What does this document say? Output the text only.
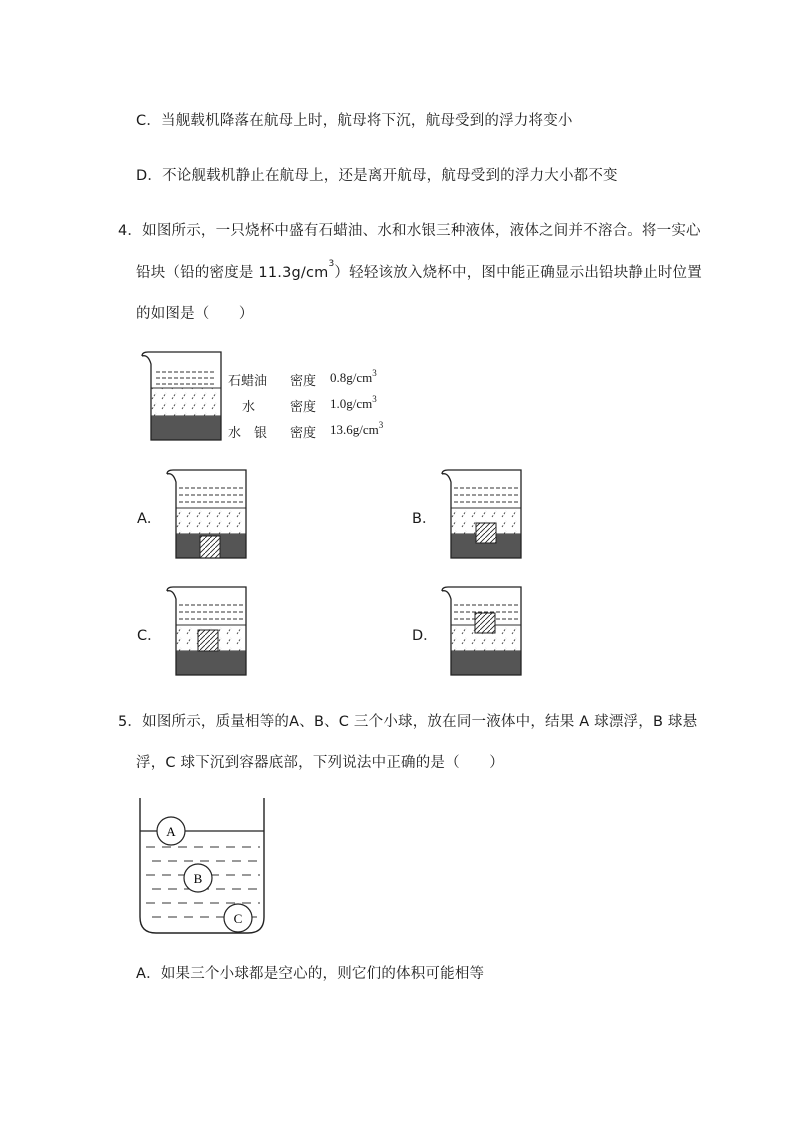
C．当舰载机降落在航母上时，航母将下沉，航母受到的浮力将变小
D．不论舰载机静止在航母上，还是离开航母，航母受到的浮力大小都不变
4．如图所示，一只烧杯中盛有石蜡油、水和水银三种液体，液体之间并不溶合。将一实心
铅块（铅的密度是 $11.3g/cm^3$）轻轻该放入烧杯中，图中能正确显示出铅块静止时位置
的如图是（　　）
石蜡油 密度 $0.8g/cm^3$
水	密度 $1.0g/cm^3$
水　银 密度 $13.6g/cm^3$
A．	B．
C．	D．
5．如图所示，质量相等的A、B、C 三个小球，放在同一液体中，结果 A 球漂浮，B 球悬
浮，C 球下沉到容器底部，下列说法中正确的是（　　）
A
B
C
A．如果三个小球都是空心的，则它们的体积可能相等
